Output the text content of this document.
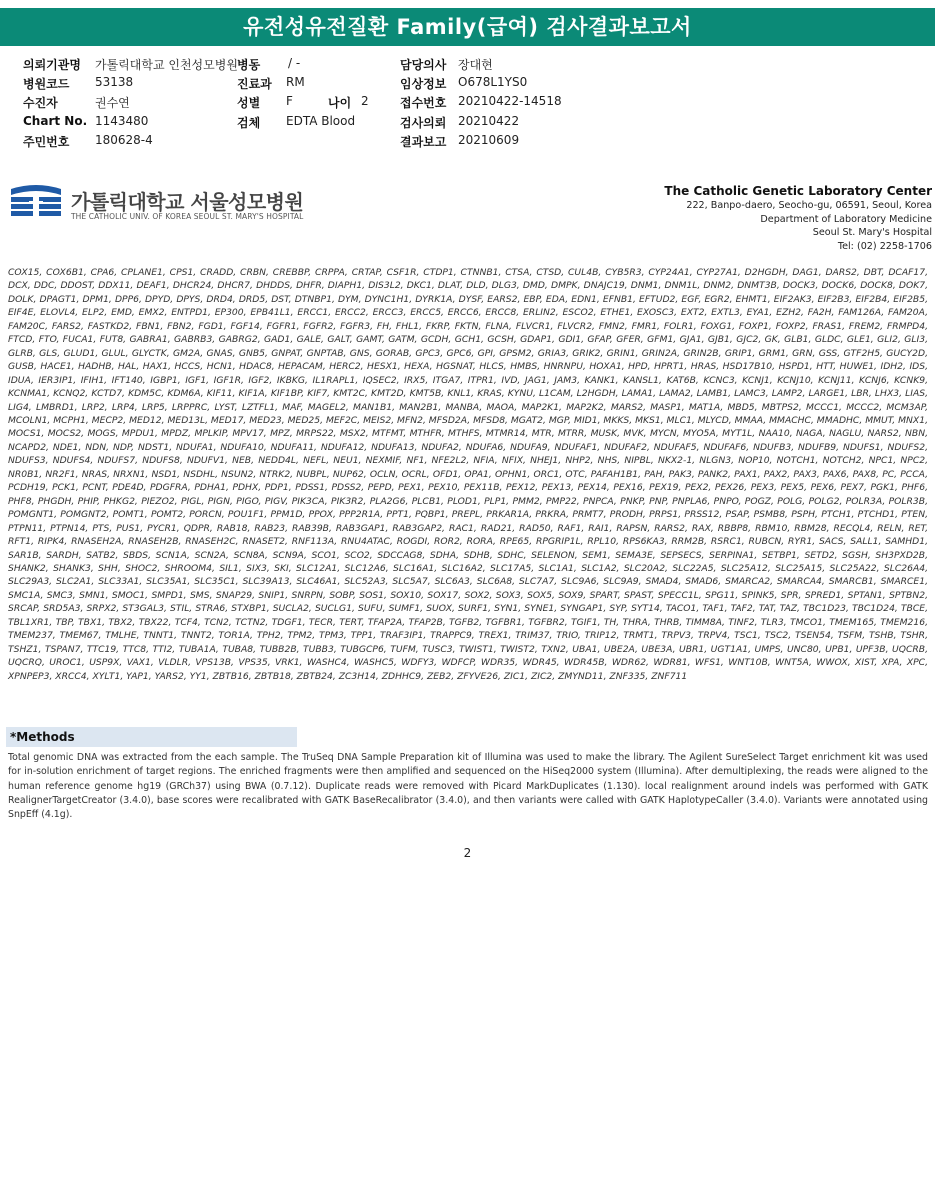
유전성유전질환 Family(급여) 검사결과보고서
의뢰기관명 가톨릭대학교 인천성모병원 병동 / -	담당의사 장대현
병원코드 53138	진료과 RM	임상정보 O678L1YS0
수진자	권수연	성별 F	나이 2	접수번호 20210422-14518
Chart No. 1143480	검체 EDTA Blood	검사의뢰 20210422
주민번호 180628-4	결과보고 20210609
가톨릭대학교 서울성모병원
THE CATHOLIC UNIV. OF KOREA SEOUL ST. MARY'S HOSPITAL
The Catholic Genetic Laboratory Center
222, Banpo-daero, Seocho-gu, 06591, Seoul, Korea
Department of Laboratory Medicine
Seoul St. Mary's Hospital
Tel: (02) 2258-1706
COX15, COX6B1, CPA6, CPLANE1, CPS1, CRADD, CRBN, CREBBP, CRPPA, CRTAP, CSF1R, CTDP1, CTNNB1, CTSA, CTSD, CUL4B, CYB5R3, CYP24A1, CYP27A1, D2HGDH, DAG1, DARS2, DBT, DCAF17, DCX, DDC, DDOST, DDX11, DEAF1, DHCR24, DHCR7, DHDDS, DHFR, DIAPH1, DIS3L2, DKC1, DLAT, DLD, DLG3, DMD, DMPK, DNAJC19, DNM1, DNM1L, DNM2, DNMT3B, DOCK3, DOCK6, DOCK8, DOK7, DOLK, DPAGT1, DPM1, DPP6, DPYD, DPYS, DRD4, DRD5, DST, DTNBP1, DYM, DYNC1H1, DYRK1A, DYSF, EARS2, EBP, EDA, EDN1, EFNB1, EFTUD2, EGF, EGR2, EHMT1, EIF2AK3, EIF2B3, EIF2B4, EIF2B5, EIF4E, ELOVL4, ELP2, EMD, EMX2, ENTPD1, EP300, EPB41L1, ERCC1, ERCC2, ERCC3, ERCC5, ERCC6, ERCC8, ERLIN2, ESCO2, ETHE1, EXOSC3, EXT2, EXTL3, EYA1, EZH2, FA2H, FAM126A, FAM20A, FAM20C, FARS2, FASTKD2, FBN1, FBN2, FGD1, FGF14, FGFR1, FGFR2, FGFR3, FH, FHL1, FKRP, FKTN, FLNA, FLVCR1, FLVCR2, FMN2, FMR1, FOLR1, FOXG1, FOXP1, FOXP2, FRAS1, FREM2, FRMPD4, FTCD, FTO, FUCA1, FUT8, GABRA1, GABRB3, GABRG2, GAD1, GALE, GALT, GAMT, GATM, GCDH, GCH1, GCSH, GDAP1, GDI1, GFAP, GFER, GFM1, GJA1, GJB1, GJC2, GK, GLB1, GLDC, GLE1, GLI2, GLI3, GLRB, GLS, GLUD1, GLUL, GLYCTK, GM2A, GNAS, GNB5, GNPAT, GNPTAB, GNS, GORAB, GPC3, GPC6, GPI, GPSM2, GRIA3, GRIK2, GRIN1, GRIN2A, GRIN2B, GRIP1, GRM1, GRN, GSS, GTF2H5, GUCY2D, GUSB, HACE1, HADHB, HAL, HAX1, HCCS, HCN1, HDAC8, HEPACAM, HERC2, HESX1, HEXA, HGSNAT, HLCS, HMBS, HNRNPU, HOXA1, HPD, HPRT1, HRAS, HSD17B10, HSPD1, HTT, HUWE1, IDH2, IDS, IDUA, IER3IP1, IFIH1, IFT140, IGBP1, IGF1, IGF1R, IGF2, IKBKG, IL1RAPL1, IQSEC2, IRX5, ITGA7, ITPR1, IVD, JAG1, JAM3, KANK1, KANSL1, KAT6B, KCNC3, KCNJ1, KCNJ10, KCNJ11, KCNJ6, KCNK9, KCNMA1, KCNQ2, KCTD7, KDM5C, KDM6A, KIF11, KIF1A, KIF1BP, KIF7, KMT2C, KMT2D, KMT5B, KNL1, KRAS, KYNU, L1CAM, L2HGDH, LAMA1, LAMA2, LAMB1, LAMC3, LAMP2, LARGE1, LBR, LHX3, LIAS, LIG4, LMBRD1, LRP2, LRP4, LRP5, LRPPRC, LYST, LZTFL1, MAF, MAGEL2, MAN1B1, MAN2B1, MANBA, MAOA, MAP2K1, MAP2K2, MARS2, MASP1, MAT1A, MBD5, MBTPS2, MCCC1, MCCC2, MCM3AP, MCOLN1, MCPH1, MECP2, MED12, MED13L, MED17, MED23, MED25, MEF2C, MEIS2, MFN2, MFSD2A, MFSD8, MGAT2, MGP, MID1, MKKS, MKS1, MLC1, MLYCD, MMAA, MMACHC, MMADHC, MMUT, MNX1, MOCS1, MOCS2, MOGS, MPDU1, MPDZ, MPLKIP, MPV17, MPZ, MRPS22, MSX2, MTFMT, MTHFR, MTHFS, MTMR14, MTR, MTRR, MUSK, MVK, MYCN, MYO5A, MYT1L, NAA10, NAGA, NAGLU, NARS2, NBN, NCAPD2, NDE1, NDN, NDP, NDST1, NDUFA1, NDUFA10, NDUFA11, NDUFA12, NDUFA13, NDUFA2, NDUFA6, NDUFA9, NDUFAF1, NDUFAF2, NDUFAF5, NDUFAF6, NDUFB3, NDUFB9, NDUFS1, NDUFS2, NDUFS3, NDUFS4, NDUFS7, NDUFS8, NDUFV1, NEB, NEDD4L, NEFL, NEU1, NEXMIF, NF1, NFE2L2, NFIA, NFIX, NHEJ1, NHP2, NHS, NIPBL, NKX2-1, NLGN3, NOP10, NOTCH1, NOTCH2, NPC1, NPC2, NR0B1, NR2F1, NRAS, NRXN1, NSD1, NSDHL, NSUN2, NTRK2, NUBPL, NUP62, OCLN, OCRL, OFD1, OPA1, OPHN1, ORC1, OTC, PAFAH1B1, PAH, PAK3, PANK2, PAX1, PAX2, PAX3, PAX6, PAX8, PC, PCCA, PCDH19, PCK1, PCNT, PDE4D, PDGFRA, PDHA1, PDHX, PDP1, PDSS1, PDSS2, PEPD, PEX1, PEX10, PEX11B, PEX12, PEX13, PEX14, PEX16, PEX19, PEX2, PEX26, PEX3, PEX5, PEX6, PEX7, PGK1, PHF6, PHF8, PHGDH, PHIP, PHKG2, PIEZO2, PIGL, PIGN, PIGO, PIGV, PIK3CA, PIK3R2, PLA2G6, PLCB1, PLOD1, PLP1, PMM2, PMP22, PNPCA, PNKP, PNP, PNPLA6, PNPO, POGZ, POLG, POLG2, POLR3A, POLR3B, POMGNT1, POMGNT2, POMT1, POMT2, PORCN, POU1F1, PPM1D, PPOX, PPP2R1A, PPT1, PQBP1, PREPL, PRKAR1A, PRKRA, PRMT7, PRODH, PRPS1, PRSS12, PSAP, PSMB8, PSPH, PTCH1, PTCHD1, PTEN, PTPN11, PTPN14, PTS, PUS1, PYCR1, QDPR, RAB18, RAB23, RAB39B, RAB3GAP1, RAB3GAP2, RAC1, RAD21, RAD50, RAF1, RAI1, RAPSN, RARS2, RAX, RBBP8, RBM10, RBM28, RECQL4, RELN, RET, RFT1, RIPK4, RNASEH2A, RNASEH2B, RNASEH2C, RNASET2, RNF113A, RNU4ATAC, ROGDI, ROR2, RORA, RPE65, RPGRIP1L, RPL10, RPS6KA3, RRM2B, RSRC1, RUBCN, RYR1, SACS, SALL1, SAMHD1, SAR1B, SARDH, SATB2, SBDS, SCN1A, SCN2A, SCN8A, SCN9A, SCO1, SCO2, SDCCAG8, SDHA, SDHB, SDHC, SELENON, SEM1, SEMA3E, SEPSECS, SERPINA1, SETBP1, SETD2, SGSH, SH3PXD2B, SHANK2, SHANK3, SHH, SHOC2, SHROOM4, SIL1, SIX3, SKI, SLC12A1, SLC12A6, SLC16A1, SLC16A2, SLC17A5, SLC1A1, SLC1A2, SLC20A2, SLC22A5, SLC25A12, SLC25A15, SLC25A22, SLC26A4, SLC29A3, SLC2A1, SLC33A1, SLC35A1, SLC35C1, SLC39A13, SLC46A1, SLC52A3, SLC5A7, SLC6A3, SLC6A8, SLC7A7, SLC9A6, SLC9A9, SMAD4, SMAD6, SMARCA2, SMARCA4, SMARCB1, SMARCE1, SMC1A, SMC3, SMN1, SMOC1, SMPD1, SMS, SNAP29, SNIP1, SNRPN, SOBP, SOS1, SOX10, SOX17, SOX2, SOX3, SOX5, SOX9, SPART, SPAST, SPECC1L, SPG11, SPINK5, SPR, SPRED1, SPTAN1, SPTBN2, SRCAP, SRD5A3, SRPX2, ST3GAL3, STIL, STRA6, STXBP1, SUCLA2, SUCLG1, SUFU, SUMF1, SUOX, SURF1, SYN1, SYNE1, SYNGAP1, SYP, SYT14, TACO1, TAF1, TAF2, TAT, TAZ, TBC1D23, TBC1D24, TBCE, TBL1XR1, TBP, TBX1, TBX2, TBX22, TCF4, TCN2, TCTN2, TDGF1, TECR, TERT, TFAP2A, TFAP2B, TGFB2, TGFBR1, TGFBR2, TGIF1, TH, THRA, THRB, TIMM8A, TINF2, TLR3, TMCO1, TMEM165, TMEM216, TMEM237, TMEM67, TMLHE, TNNT1, TNNT2, TOR1A, TPH2, TPM2, TPM3, TPP1, TRAF3IP1, TRAPPC9, TREX1, TRIM37, TRIO, TRIP12, TRMT1, TRPV3, TRPV4, TSC1, TSC2, TSEN54, TSFM, TSHB, TSHR, TSHZ1, TSPAN7, TTC19, TTC8, TTI2, TUBA1A, TUBA8, TUBB2B, TUBB3, TUBGCP6, TUFM, TUSC3, TWIST1, TWIST2, TXN2, UBA1, UBE2A, UBE3A, UBR1, UGT1A1, UMPS, UNC80, UPB1, UPF3B, UQCRB, UQCRQ, UROC1, USP9X, VAX1, VLDLR, VPS13B, VPS35, VRK1, WASHC4, WASHC5, WDFY3, WDFCP, WDR35, WDR45, WDR45B, WDR62, WDR81, WFS1, WNT10B, WNT5A, WWOX, XIST, XPA, XPC, XPNPEP3, XRCC4, XYLT1, YAP1, YARS2, YY1, ZBTB16, ZBTB18, ZBTB24, ZC3H14, ZDHHC9, ZEB2, ZFYVE26, ZIC1, ZIC2, ZMYND11, ZNF335, ZNF711
*Methods
Total genomic DNA was extracted from the each sample. The TruSeq DNA Sample Preparation kit of Illumina was used to make the library. The Agilent SureSelect Target enrichment kit was used for in-solution enrichment of target regions. The enriched fragments were then amplified and sequenced on the HiSeq2000 system (Illumina). After demultiplexing, the reads were aligned to the human reference genome hg19 (GRCh37) using BWA (0.7.12). Duplicate reads were removed with Picard MarkDuplicates (1.130). local realignment around indels was performed with GATK RealignerTargetCreator (3.4.0), base scores were recalibrated with GATK BaseRecalibrator (3.4.0), and then variants were called with GATK HaplotypeCaller (3.4.0). Variants were annotated using SnpEff (4.1g).
2
